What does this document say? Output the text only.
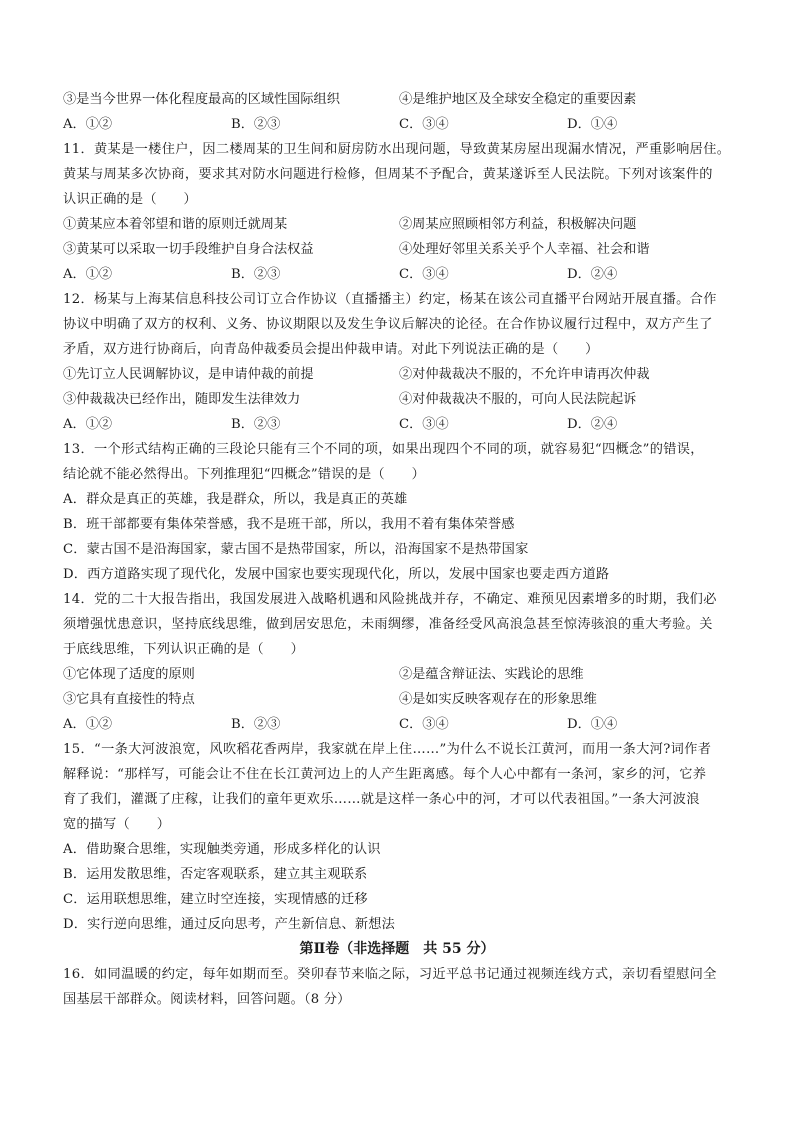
③是当今世界一体化程度最高的区域性国际组织	④是维护地区及全球安全稳定的重要因素
A．①②	B．②③	C．③④	D．①④
11．黄某是一楼住户，因二楼周某的卫生间和厨房防水出现问题，导致黄某房屋出现漏水情况，严重影响居住。
黄某与周某多次协商，要求其对防水问题进行检修，但周某不予配合，黄某遂诉至人民法院。下列对该案件的
认识正确的是（　　）
①黄某应本着邻望和谐的原则迁就周某	②周某应照顾相邻方利益，积极解决问题
③黄某可以采取一切手段维护自身合法权益	④处理好邻里关系关乎个人幸福、社会和谐
A．①②	B．②③	C．③④	D．②④
12．杨某与上海某信息科技公司订立合作协议（直播播主）约定，杨某在该公司直播平台网站开展直播。合作
协议中明确了双方的权利、义务、协议期限以及发生争议后解决的论径。在合作协议履行过程中，双方产生了
矛盾，双方进行协商后，向青岛仲裁委员会提出仲裁申请。对此下列说法正确的是（　　）
①先订立人民调解协议，是申请仲裁的前提	②对仲裁裁决不服的，不允许申请再次仲裁
③仲裁裁决已经作出，随即发生法律效力	④对仲裁裁决不服的，可向人民法院起诉
A．①②	B．②③	C．③④	D．②④
13．一个形式结构正确的三段论只能有三个不同的项，如果出现四个不同的项，就容易犯“四概念”的错误，
结论就不能必然得出。下列推理犯“四概念”错误的是（　　）
A．群众是真正的英雄，我是群众，所以，我是真正的英雄
B．班干部都要有集体荣誉感，我不是班干部，所以，我用不着有集体荣誉感
C．蒙古国不是沿海国家，蒙古国不是热带国家，所以，沿海国家不是热带国家
D．西方道路实现了现代化，发展中国家也要实现现代化，所以，发展中国家也要走西方道路
14．党的二十大报告指出，我国发展进入战略机遇和风险挑战并存，不确定、难预见因素增多的时期，我们必
须增强忧患意识，坚持底线思维，做到居安思危，未雨绸缪，准备经受风高浪急甚至惊涛骇浪的重大考验。关
于底线思维，下列认识正确的是（　　）
①它体现了适度的原则	②是蕴含辩证法、实践论的思维
③它具有直接性的特点	④是如实反映客观存在的形象思维
A．①②	B．②③	C．③④	D．①④
15．“一条大河波浪宽，风吹稻花香两岸，我家就在岸上住……”为什么不说长江黄河，而用一条大河?词作者
解释说：“那样写，可能会让不住在长江黄河边上的人产生距离感。每个人心中都有一条河，家乡的河，它养
育了我们，灌溉了庄稼，让我们的童年更欢乐……就是这样一条心中的河，才可以代表祖国。”一条大河波浪
宽的描写（　　）
A．借助聚合思维，实现触类旁通，形成多样化的认识
B．运用发散思维，否定客观联系，建立其主观联系
C．运用联想思维，建立时空连接，实现情感的迁移
D．实行逆向思维，通过反向思考，产生新信息、新想法
第Ⅱ卷（非选择题　共 55 分）
16．如同温暖的约定，每年如期而至。癸卯春节来临之际，习近平总书记通过视频连线方式，亲切看望慰问全
国基层干部群众。阅读材料，回答问题。（8 分）
